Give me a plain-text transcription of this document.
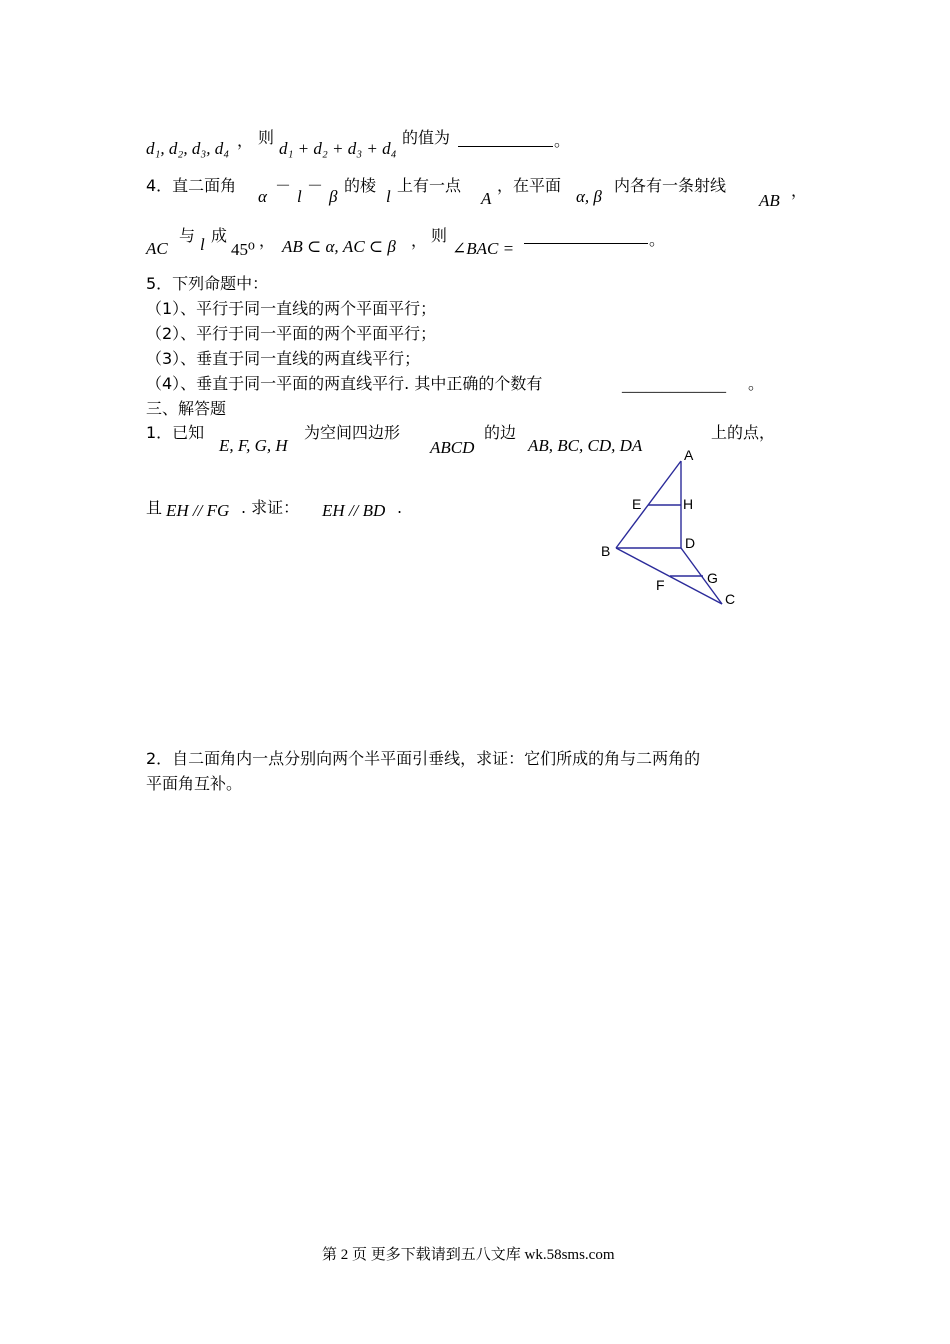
d₁, d₂, d₃, d₄ ， 则
d₁ + d₂ + d₃ + d₄
的值为	。
4．直二面角
α
－
l
－
β
的棱
l
上有一点
A
，在平面
α, β
内各有一条射线
AB
，
AC
与 l 成
45⁰ ， AB ⊂ α, AC ⊂ β ， 则
∠BAC =	。
5．下列命题中：
（1）、平行于同一直线的两个平面平行；
（2）、平行于同一平面的两个平面平行；
（3）、垂直于同一直线的两直线平行；
（4）、垂直于同一平面的两直线平行. 其中正确的个数有	_____________ 。
三、解答题
1．已知
E, F, G, H
为空间四边形
ABCD
的边
AB, BC, CD, DA
上的点，
且 EH // FG . 求证： EH // BD .
A
E	H
B	D
F	G
C
2．自二面角内一点分别向两个半平面引垂线，求证：它们所成的角与二两角的
平面角互补。
第 2 页 更多下载请到五八文库 wk.58sms.com
